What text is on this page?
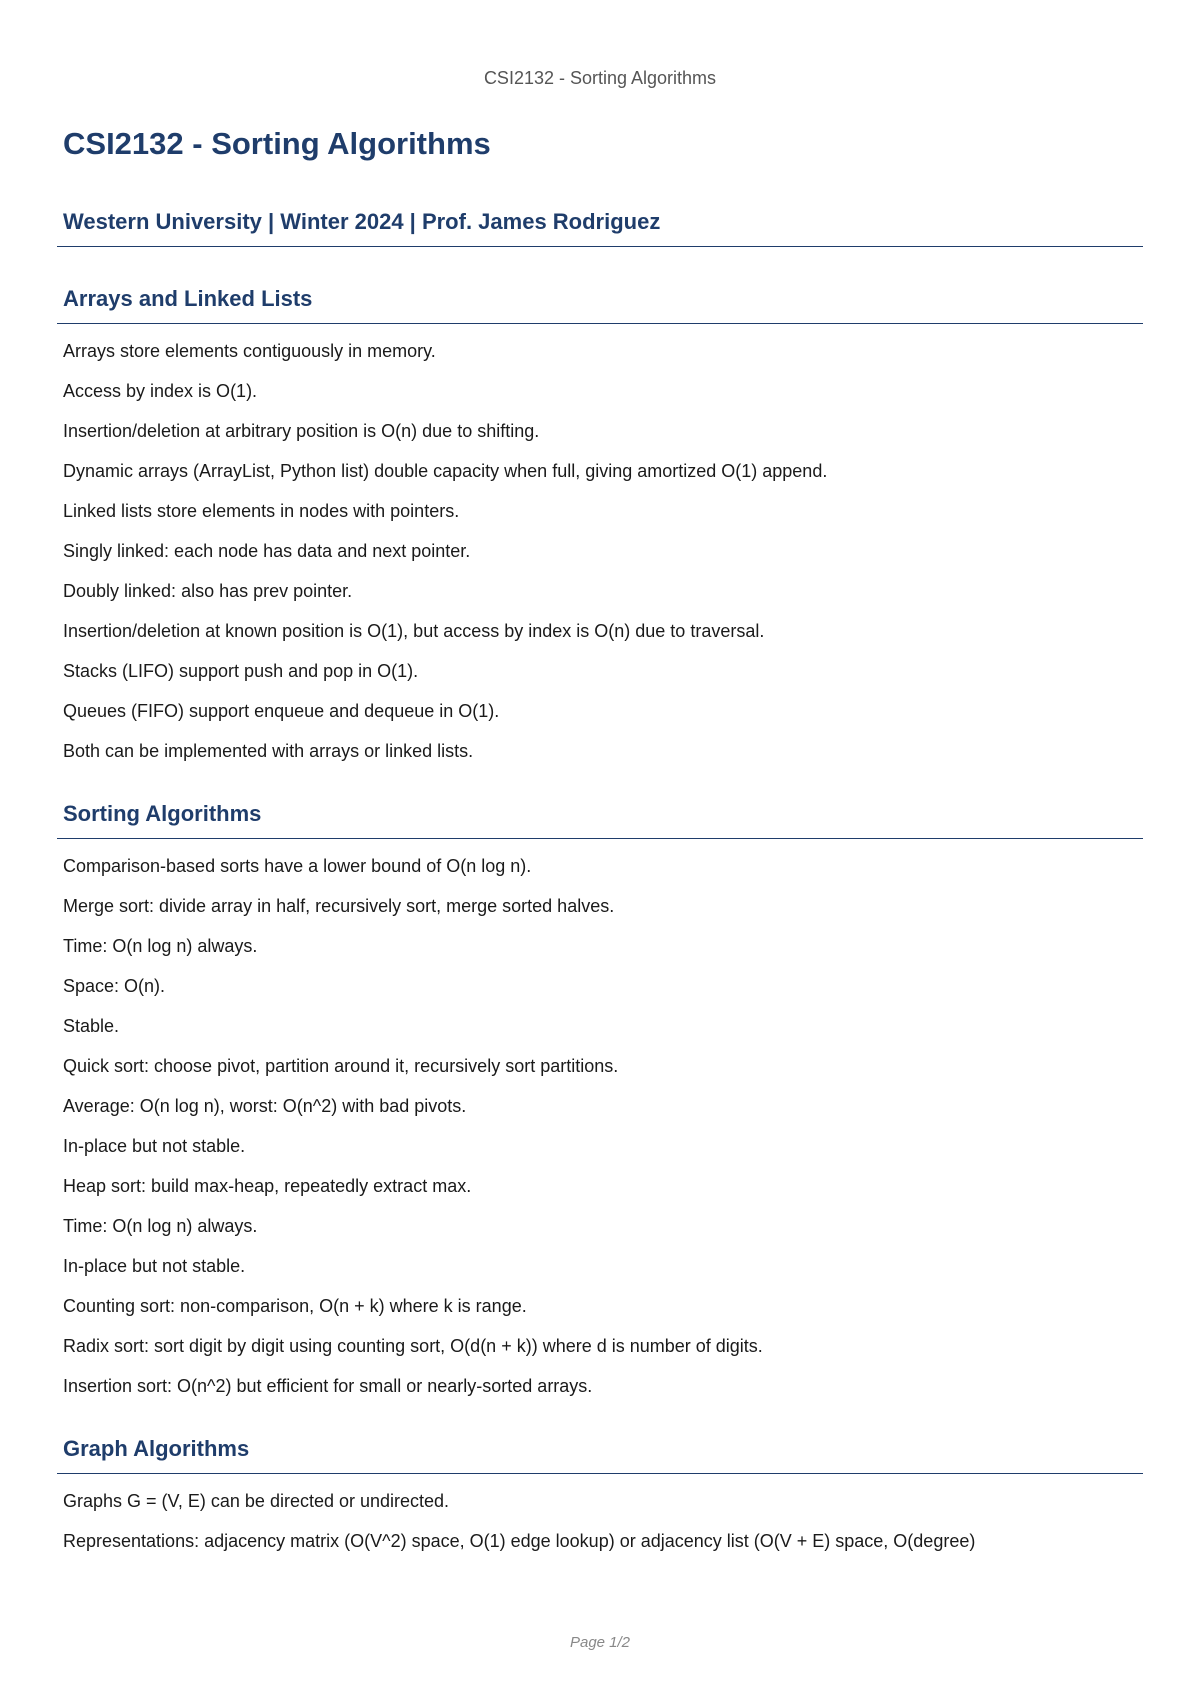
CSI2132 - Sorting Algorithms
CSI2132 - Sorting Algorithms
Western University | Winter 2024 | Prof. James Rodriguez
Arrays and Linked Lists
Arrays store elements contiguously in memory.
Access by index is O(1).
Insertion/deletion at arbitrary position is O(n) due to shifting.
Dynamic arrays (ArrayList, Python list) double capacity when full, giving amortized O(1) append.
Linked lists store elements in nodes with pointers.
Singly linked: each node has data and next pointer.
Doubly linked: also has prev pointer.
Insertion/deletion at known position is O(1), but access by index is O(n) due to traversal.
Stacks (LIFO) support push and pop in O(1).
Queues (FIFO) support enqueue and dequeue in O(1).
Both can be implemented with arrays or linked lists.
Sorting Algorithms
Comparison-based sorts have a lower bound of O(n log n).
Merge sort: divide array in half, recursively sort, merge sorted halves.
Time: O(n log n) always.
Space: O(n).
Stable.
Quick sort: choose pivot, partition around it, recursively sort partitions.
Average: O(n log n), worst: O(n^2) with bad pivots.
In-place but not stable.
Heap sort: build max-heap, repeatedly extract max.
Time: O(n log n) always.
In-place but not stable.
Counting sort: non-comparison, O(n + k) where k is range.
Radix sort: sort digit by digit using counting sort, O(d(n + k)) where d is number of digits.
Insertion sort: O(n^2) but efficient for small or nearly-sorted arrays.
Graph Algorithms
Graphs G = (V, E) can be directed or undirected.
Representations: adjacency matrix (O(V^2) space, O(1) edge lookup) or adjacency list (O(V + E) space, O(degree)
Page 1/2
